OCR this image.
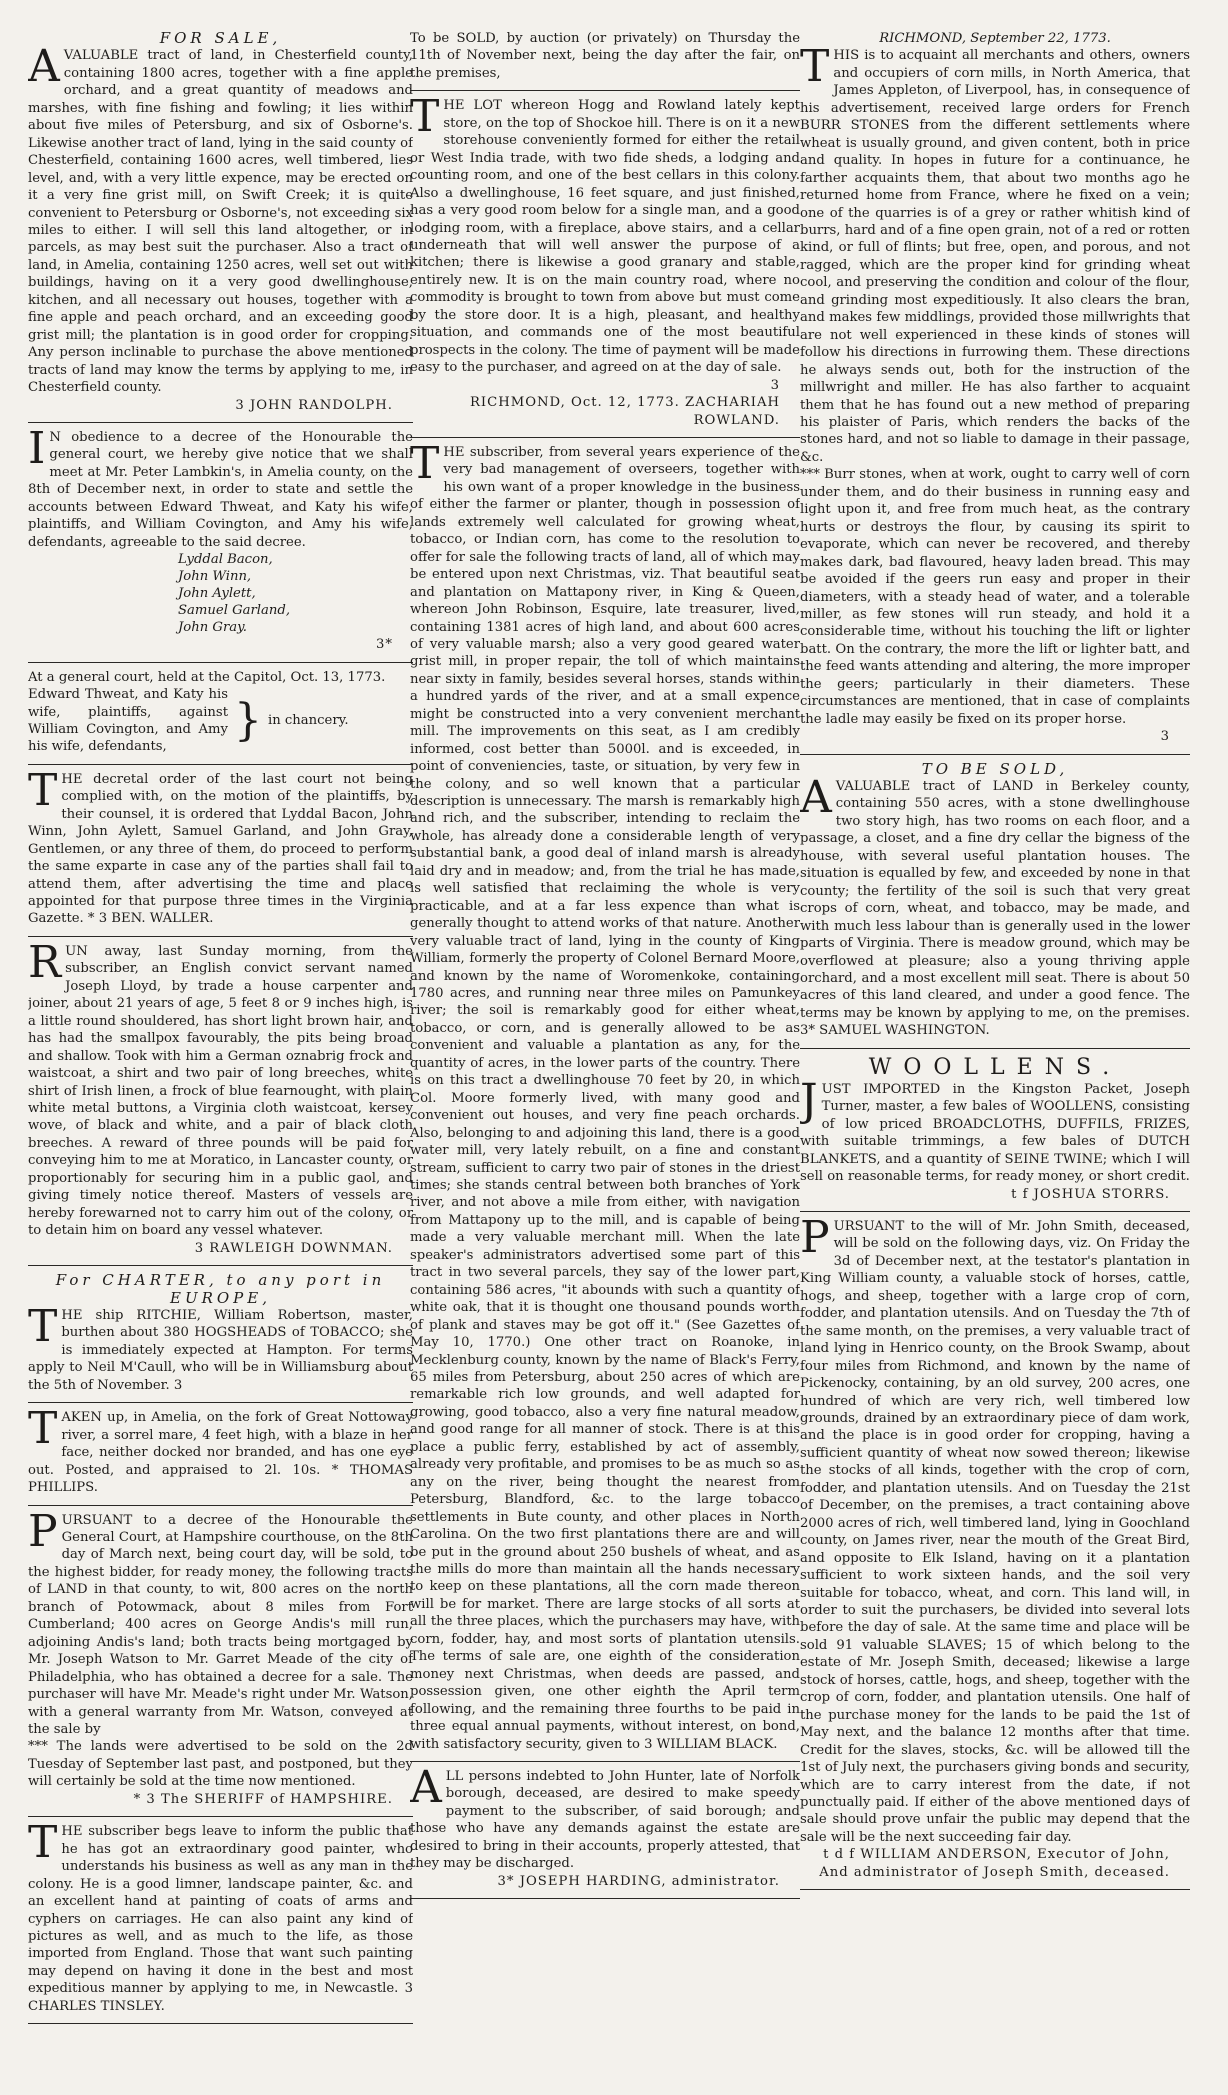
FOR SALE,

AVALUABLE tract of land, in Chesterfield county, containing 1800 acres, together with a fine apple orchard, and a great quantity of meadows and marshes, with fine fishing and fowling; it lies within about five miles of Petersburg, and six of Osborne's. Likewise another tract of land, lying in the said county of Chesterfield, containing 1600 acres, well timbered, lies level, and, with a very little expence, may be erected on it a very fine grist mill, on Swift Creek; it is quite convenient to Petersburg or Osborne's, not exceeding six miles to either. I will sell this land altogether, or in parcels, as may best suit the purchaser. Also a tract of land, in Amelia, containing 1250 acres, well set out with buildings, having on it a very good dwellinghouse, kitchen, and all necessary out houses, together with a fine apple and peach orchard, and an exceeding good grist mill; the plantation is in good order for cropping. Any person inclinable to purchase the above mentioned tracts of land may know the terms by applying to me, in Chesterfield county.

3 JOHN RANDOLPH.

I N obedience to a decree of the Honourable the general court, we hereby give notice that we shall meet at Mr. Peter Lambkin's, in Amelia county, on the 8th of December next, in order to state and settle the accounts between Edward Thweat, and Katy his wife, plaintiffs, and William Covington, and Amy his wife, defendants, agreeable to the said decree.

Lyddal Bacon,

John Winn,

John Aylett,

Samuel Garland,

John Gray.

3*

At a general court, held at the Capitol, Oct. 13, 1773.

Edward Thweat, and Katy his wife, plaintiffs, against William Covington, and Amy his wife, defendants,
} in chancery.

THE decretal order of the last court not being complied with, on the motion of the plaintiffs, by their counsel, it is ordered that Lyddal Bacon, John Winn, John Aylett, Samuel Garland, and John Gray, Gentlemen, or any three of them, do proceed to perform the same exparte in case any of the parties shall fail to attend them, after advertising the time and place appointed for that purpose three times in the Virginia Gazette. * 3 BEN. WALLER.

RUN away, last Sunday morning, from the subscriber, an English convict servant named Joseph Lloyd, by trade a house carpenter and joiner, about 21 years of age, 5 feet 8 or 9 inches high, is a little round shouldered, has short light brown hair, and has had the smallpox favourably, the pits being broad and shallow. Took with him a German oznabrig frock and waistcoat, a shirt and two pair of long breeches, white shirt of Irish linen, a frock of blue fearnought, with plain white metal buttons, a Virginia cloth waistcoat, kersey wove, of black and white, and a pair of black cloth breeches. A reward of three pounds will be paid for conveying him to me at Moratico, in Lancaster county, or proportionably for securing him in a public gaol, and giving timely notice thereof. Masters of vessels are hereby forewarned not to carry him out of the colony, or to detain him on board any vessel whatever.

3 RAWLEIGH DOWNMAN.

For CHARTER, to any port in EUROPE,

THE ship RITCHIE, William Robertson, master, burthen about 380 HOGSHEADS of TOBACCO; she is immediately expected at Hampton. For terms apply to Neil M'Caull, who will be in Williamsburg about the 5th of November. 3

TAKEN up, in Amelia, on the fork of Great Nottoway river, a sorrel mare, 4 feet high, with a blaze in her face, neither docked nor branded, and has one eye out. Posted, and appraised to 2l. 10s. * THOMAS PHILLIPS.

PURSUANT to a decree of the Honourable the General Court, at Hampshire courthouse, on the 8th day of March next, being court day, will be sold, to the highest bidder, for ready money, the following tracts of LAND in that county, to wit, 800 acres on the north branch of Potowmack, about 8 miles from Fort Cumberland; 400 acres on George Andis's mill run, adjoining Andis's land; both tracts being mortgaged by Mr. Joseph Watson to Mr. Garret Meade of the city of Philadelphia, who has obtained a decree for a sale. The purchaser will have Mr. Meade's right under Mr. Watson, with a general warranty from Mr. Watson, conveyed at the sale by

*** The lands were advertised to be sold on the 2d Tuesday of September last past, and postponed, but they will certainly be sold at the time now mentioned.

* 3 The SHERIFF of HAMPSHIRE.

THE subscriber begs leave to inform the public that he has got an extraordinary good painter, who understands his business as well as any man in the colony. He is a good limner, landscape painter, &c. and an excellent hand at painting of coats of arms and cyphers on carriages. He can also paint any kind of pictures as well, and as much to the life, as those imported from England. Those that want such painting may depend on having it done in the best and most expeditious manner by applying to me, in Newcastle. 3 CHARLES TINSLEY.

To be SOLD, by auction (or privately) on Thursday the 11th of November next, being the day after the fair, on the premises,

THE LOT whereon Hogg and Rowland lately kept store, on the top of Shockoe hill. There is on it a new storehouse conveniently formed for either the retail or West India trade, with two fide sheds, a lodging and counting room, and one of the best cellars in this colony. Also a dwellinghouse, 16 feet square, and just finished, has a very good room below for a single man, and a good lodging room, with a fireplace, above stairs, and a cellar underneath that will well answer the purpose of a kitchen; there is likewise a good granary and stable, entirely new. It is on the main country road, where no commodity is brought to town from above but must come by the store door. It is a high, pleasant, and healthy situation, and commands one of the most beautiful prospects in the colony. The time of payment will be made easy to the purchaser, and agreed on at the day of sale.

3

RICHMOND, Oct. 12, 1773. ZACHARIAH ROWLAND.

THE subscriber, from several years experience of the very bad management of overseers, together with his own want of a proper knowledge in the business of either the farmer or planter, though in possession of lands extremely well calculated for growing wheat, tobacco, or Indian corn, has come to the resolution to offer for sale the following tracts of land, all of which may be entered upon next Christmas, viz. That beautiful seat and plantation on Mattapony river, in King & Queen, whereon John Robinson, Esquire, late treasurer, lived, containing 1381 acres of high land, and about 600 acres of very valuable marsh; also a very good geared water grist mill, in proper repair, the toll of which maintains near sixty in family, besides several horses, stands within a hundred yards of the river, and at a small expence might be constructed into a very convenient merchant mill. The improvements on this seat, as I am credibly informed, cost better than 5000l. and is exceeded, in point of conveniencies, taste, or situation, by very few in the colony, and so well known that a particular description is unnecessary. The marsh is remarkably high and rich, and the subscriber, intending to reclaim the whole, has already done a considerable length of very substantial bank, a good deal of inland marsh is already laid dry and in meadow; and, from the trial he has made, is well satisfied that reclaiming the whole is very practicable, and at a far less expence than what is generally thought to attend works of that nature. Another very valuable tract of land, lying in the county of King William, formerly the property of Colonel Bernard Moore, and known by the name of Woromenkoke, containing 1780 acres, and running near three miles on Pamunkey river; the soil is remarkably good for either wheat, tobacco, or corn, and is generally allowed to be as convenient and valuable a plantation as any, for the quantity of acres, in the lower parts of the country. There is on this tract a dwellinghouse 70 feet by 20, in which Col. Moore formerly lived, with many good and convenient out houses, and very fine peach orchards. Also, belonging to and adjoining this land, there is a good water mill, very lately rebuilt, on a fine and constant stream, sufficient to carry two pair of stones in the driest times; she stands central between both branches of York river, and not above a mile from either, with navigation from Mattapony up to the mill, and is capable of being made a very valuable merchant mill. When the late speaker's administrators advertised some part of this tract in two several parcels, they say of the lower part, containing 586 acres, "it abounds with such a quantity of white oak, that it is thought one thousand pounds worth of plank and staves may be got off it." (See Gazettes of May 10, 1770.) One other tract on Roanoke, in Mecklenburg county, known by the name of Black's Ferry, 65 miles from Petersburg, about 250 acres of which are remarkable rich low grounds, and well adapted for growing, good tobacco, also a very fine natural meadow, and good range for all manner of stock. There is at this place a public ferry, established by act of assembly, already very profitable, and promises to be as much so as any on the river, being thought the nearest from Petersburg, Blandford, &c. to the large tobacco settlements in Bute county, and other places in North Carolina. On the two first plantations there are and will be put in the ground about 250 bushels of wheat, and as the mills do more than maintain all the hands necessary to keep on these plantations, all the corn made thereon will be for market. There are large stocks of all sorts at all the three places, which the purchasers may have, with corn, fodder, hay, and most sorts of plantation utensils. The terms of sale are, one eighth of the consideration money next Christmas, when deeds are passed, and possession given, one other eighth the April term following, and the remaining three fourths to be paid in three equal annual payments, without interest, on bond, with satisfactory security, given to 3 WILLIAM BLACK.

ALL persons indebted to John Hunter, late of Norfolk borough, deceased, are desired to make speedy payment to the subscriber, of said borough; and those who have any demands against the estate are desired to bring in their accounts, properly attested, that they may be discharged.

3* JOSEPH HARDING, administrator.

RICHMOND, September 22, 1773.

THIS is to acquaint all merchants and others, owners and occupiers of corn mills, in North America, that James Appleton, of Liverpool, has, in consequence of his advertisement, received large orders for French BURR STONES from the different settlements where wheat is usually ground, and given content, both in price and quality. In hopes in future for a continuance, he farther acquaints them, that about two months ago he returned home from France, where he fixed on a vein; one of the quarries is of a grey or rather whitish kind of burrs, hard and of a fine open grain, not of a red or rotten kind, or full of flints; but free, open, and porous, and not ragged, which are the proper kind for grinding wheat cool, and preserving the condition and colour of the flour, and grinding most expeditiously. It also clears the bran, and makes few middlings, provided those millwrights that are not well experienced in these kinds of stones will follow his directions in furrowing them. These directions he always sends out, both for the instruction of the millwright and miller. He has also farther to acquaint them that he has found out a new method of preparing his plaister of Paris, which renders the backs of the stones hard, and not so liable to damage in their passage, &c.

*** Burr stones, when at work, ought to carry well of corn under them, and do their business in running easy and light upon it, and free from much heat, as the contrary hurts or destroys the flour, by causing its spirit to evaporate, which can never be recovered, and thereby makes dark, bad flavoured, heavy laden bread. This may be avoided if the geers run easy and proper in their diameters, with a steady head of water, and a tolerable miller, as few stones will run steady, and hold it a considerable time, without his touching the lift or lighter batt. On the contrary, the more the lift or lighter batt, and the feed wants attending and altering, the more improper the geers; particularly in their diameters. These circumstances are mentioned, that in case of complaints the ladle may easily be fixed on its proper horse.

3

TO BE SOLD,

AVALUABLE tract of LAND in Berkeley county, containing 550 acres, with a stone dwellinghouse two story high, has two rooms on each floor, and a passage, a closet, and a fine dry cellar the bigness of the house, with several useful plantation houses. The situation is equalled by few, and exceeded by none in that county; the fertility of the soil is such that very great crops of corn, wheat, and tobacco, may be made, and with much less labour than is generally used in the lower parts of Virginia. There is meadow ground, which may be overflowed at pleasure; also a young thriving apple orchard, and a most excellent mill seat. There is about 50 acres of this land cleared, and under a good fence. The terms may be known by applying to me, on the premises. 3* SAMUEL WASHINGTON.

WOOLLENS.

JUST IMPORTED in the Kingston Packet, Joseph Turner, master, a few bales of WOOLLENS, consisting of low priced BROADCLOTHS, DUFFILS, FRIZES, with suitable trimmings, a few bales of DUTCH BLANKETS, and a quantity of SEINE TWINE; which I will sell on reasonable terms, for ready money, or short credit.

t f JOSHUA STORRS.

PURSUANT to the will of Mr. John Smith, deceased, will be sold on the following days, viz. On Friday the 3d of December next, at the testator's plantation in King William county, a valuable stock of horses, cattle, hogs, and sheep, together with a large crop of corn, fodder, and plantation utensils. And on Tuesday the 7th of the same month, on the premises, a very valuable tract of land lying in Henrico county, on the Brook Swamp, about four miles from Richmond, and known by the name of Pickenocky, containing, by an old survey, 200 acres, one hundred of which are very rich, well timbered low grounds, drained by an extraordinary piece of dam work, and the place is in good order for cropping, having a sufficient quantity of wheat now sowed thereon; likewise the stocks of all kinds, together with the crop of corn, fodder, and plantation utensils. And on Tuesday the 21st of December, on the premises, a tract containing above 2000 acres of rich, well timbered land, lying in Goochland county, on James river, near the mouth of the Great Bird, and opposite to Elk Island, having on it a plantation sufficient to work sixteen hands, and the soil very suitable for tobacco, wheat, and corn. This land will, in order to suit the purchasers, be divided into several lots before the day of sale. At the same time and place will be sold 91 valuable SLAVES; 15 of which belong to the estate of Mr. Joseph Smith, deceased; likewise a large stock of horses, cattle, hogs, and sheep, together with the crop of corn, fodder, and plantation utensils. One half of the purchase money for the lands to be paid the 1st of May next, and the balance 12 months after that time. Credit for the slaves, stocks, &c. will be allowed till the 1st of July next, the purchasers giving bonds and security, which are to carry interest from the date, if not punctually paid. If either of the above mentioned days of sale should prove unfair the public may depend that the sale will be the next succeeding fair day.

t d f WILLIAM ANDERSON, Executor of John,

And administrator of Joseph Smith, deceased.
